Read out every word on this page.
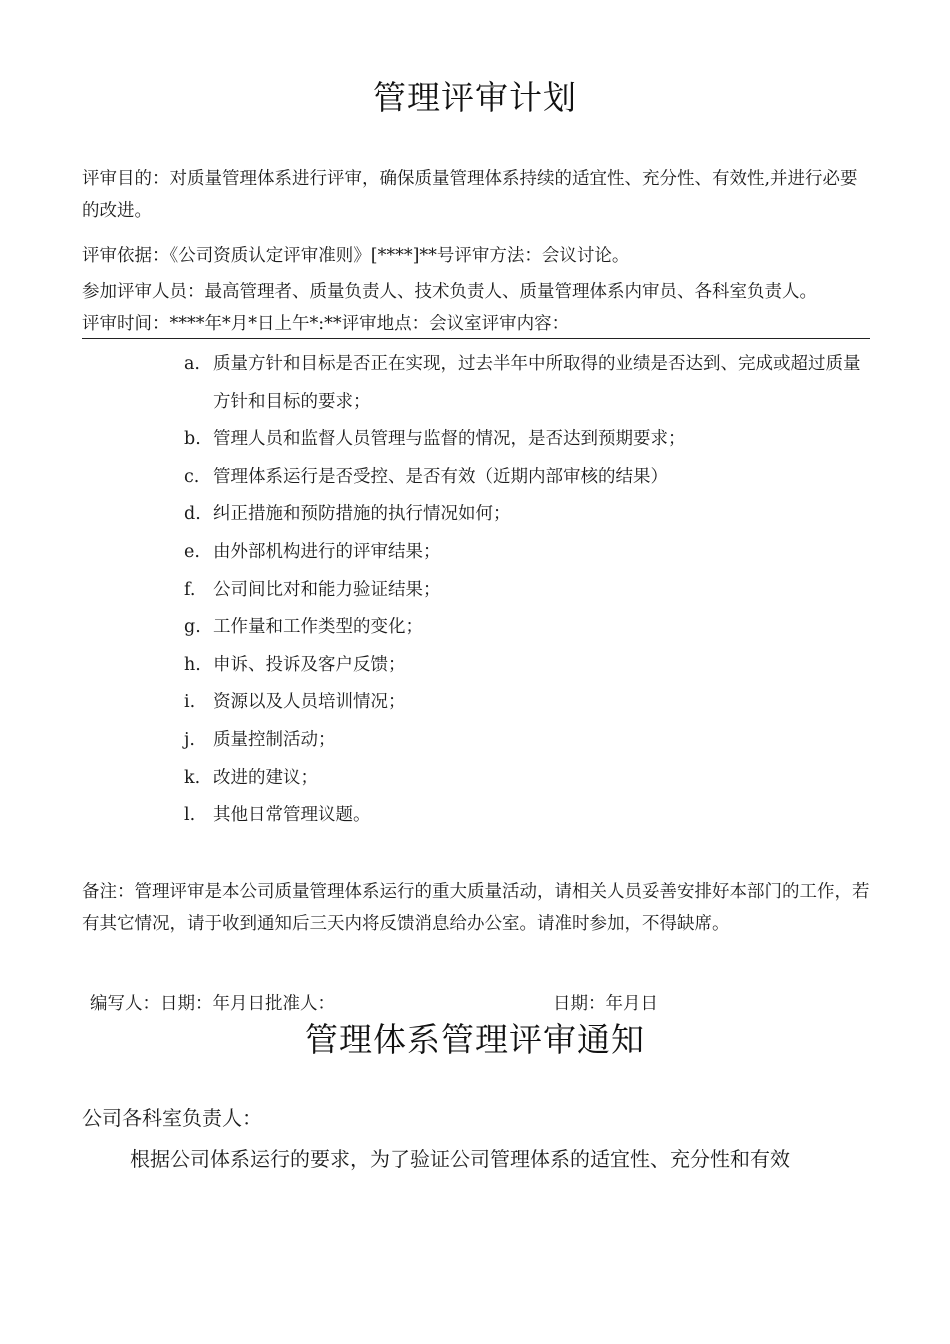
管理评审计划
评审目的：对质量管理体系进行评审，确保质量管理体系持续的适宜性、充分性、有效性,并进行必要的改进。
评审依据：《公司资质认定评审准则》[****]**号评审方法：会议讨论。
参加评审人员：最高管理者、质量负责人、技术负责人、质量管理体系内审员、各科室负责人。
评审时间：****年*月*日上午*:**评审地点：会议室评审内容：
a. 质量方针和目标是否正在实现，过去半年中所取得的业绩是否达到、完成或超过质量方针和目标的要求；
b. 管理人员和监督人员管理与监督的情况，是否达到预期要求；
c. 管理体系运行是否受控、是否有效（近期内部审核的结果）
d. 纠正措施和预防措施的执行情况如何；
e. 由外部机构进行的评审结果；
f. 公司间比对和能力验证结果；
g. 工作量和工作类型的变化；
h. 申诉、投诉及客户反馈；
i. 资源以及人员培训情况；
j. 质量控制活动；
k. 改进的建议；
l. 其他日常管理议题。
备注：管理评审是本公司质量管理体系运行的重大质量活动，请相关人员妥善安排好本部门的工作，若有其它情况，请于收到通知后三天内将反馈消息给办公室。请准时参加，不得缺席。
编写人：日期：年月日批准人：	日期：年月日
管理体系管理评审通知
公司各科室负责人：
根据公司体系运行的要求，为了验证公司管理体系的适宜性、充分性和有效
